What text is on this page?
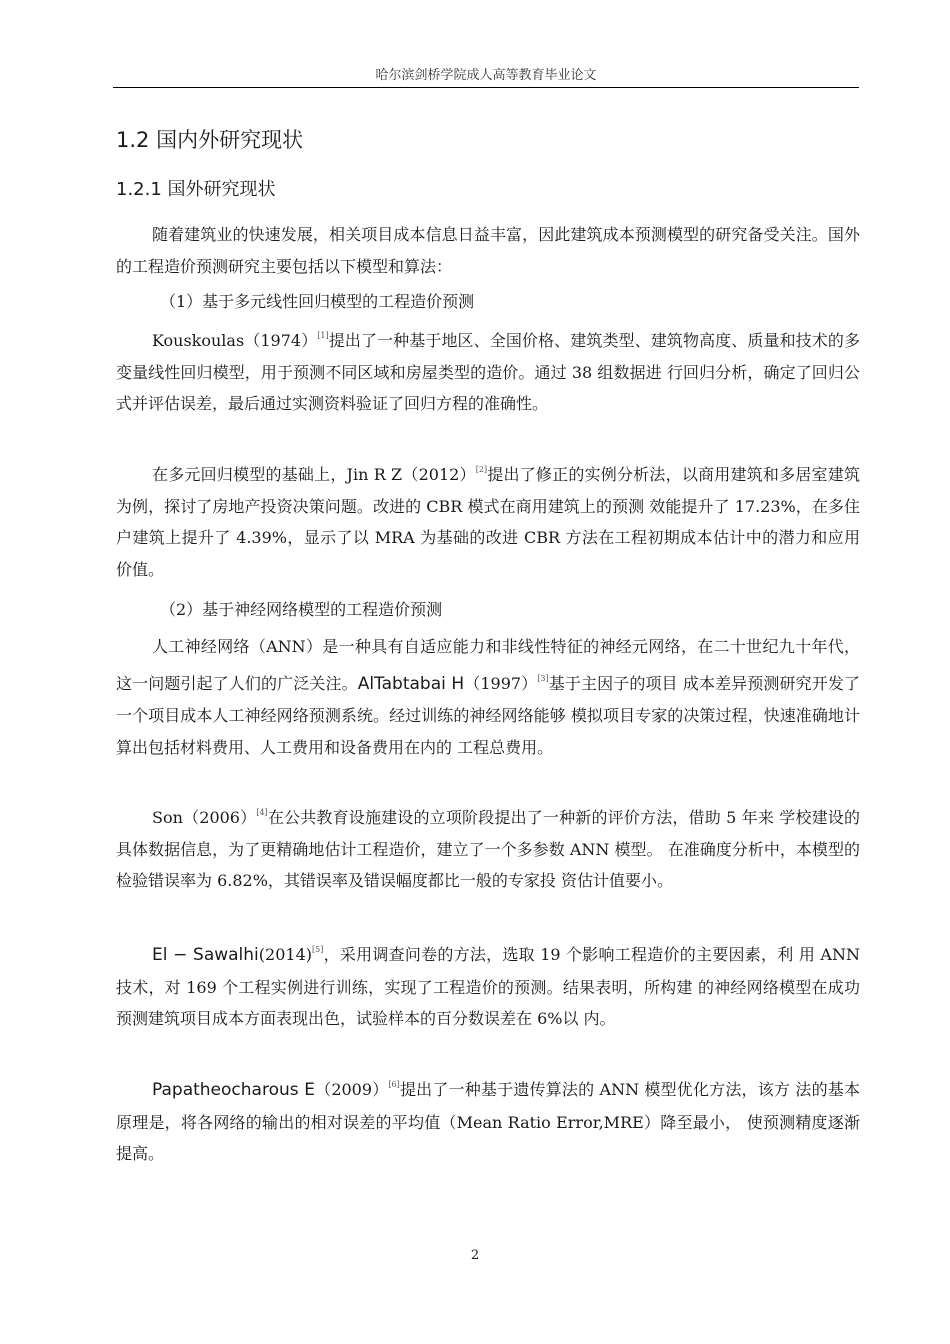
哈尔滨剑桥学院成人高等教育毕业论文
1.2 国内外研究现状
1.2.1 国外研究现状

随着建筑业的快速发展，相关项目成本信息日益丰富，因此建筑成本预测模型的研究备受关注。国外的工程造价预测研究主要包括以下模型和算法：

（1）基于多元线性回归模型的工程造价预测

Kouskoulas（1974）[1]提出了一种基于地区、全国价格、建筑类型、建筑物高度、质量和技术的多变量线性回归模型，用于预测不同区域和房屋类型的造价。通过 38 组数据进 行回归分析，确定了回归公式并评估误差，最后通过实测资料验证了回归方程的准确性。

在多元回归模型的基础上，Jin R Z（2012）[2]提出了修正的实例分析法，以商用建筑和多居室建筑为例，探讨了房地产投资决策问题。改进的 CBR 模式在商用建筑上的预测 效能提升了 17.23%，在多住户建筑上提升了 4.39%，显示了以 MRA 为基础的改进 CBR 方法在工程初期成本估计中的潜力和应用价值。

（2）基于神经网络模型的工程造价预测

人工神经网络（ANN）是一种具有自适应能力和非线性特征的神经元网络，在二十世纪九十年代，这一问题引起了人们的广泛关注。AlTabtabai H（1997）[3]基于主因子的项目 成本差异预测研究开发了一个项目成本人工神经网络预测系统。经过训练的神经网络能够 模拟项目专家的决策过程，快速准确地计算出包括材料费用、人工费用和设备费用在内的 工程总费用。

Son（2006）[4]在公共教育设施建设的立项阶段提出了一种新的评价方法，借助 5 年来 学校建设的具体数据信息，为了更精确地估计工程造价，建立了一个多参数 ANN 模型。 在准确度分析中，本模型的检验错误率为 6.82%，其错误率及错误幅度都比一般的专家投 资估计值要小。

El − Sawalhi(2014)[5]，采用调查问卷的方法，选取 19 个影响工程造价的主要因素，利 用 ANN 技术，对 169 个工程实例进行训练，实现了工程造价的预测。结果表明，所构建 的神经网络模型在成功预测建筑项目成本方面表现出色，试验样本的百分数误差在 6%以 内。

Papatheocharous E（2009）[6]提出了一种基于遗传算法的 ANN 模型优化方法，该方 法的基本原理是，将各网络的输出的相对误差的平均值（Mean Ratio Error,MRE）降至最小， 使预测精度逐渐提高。

2
